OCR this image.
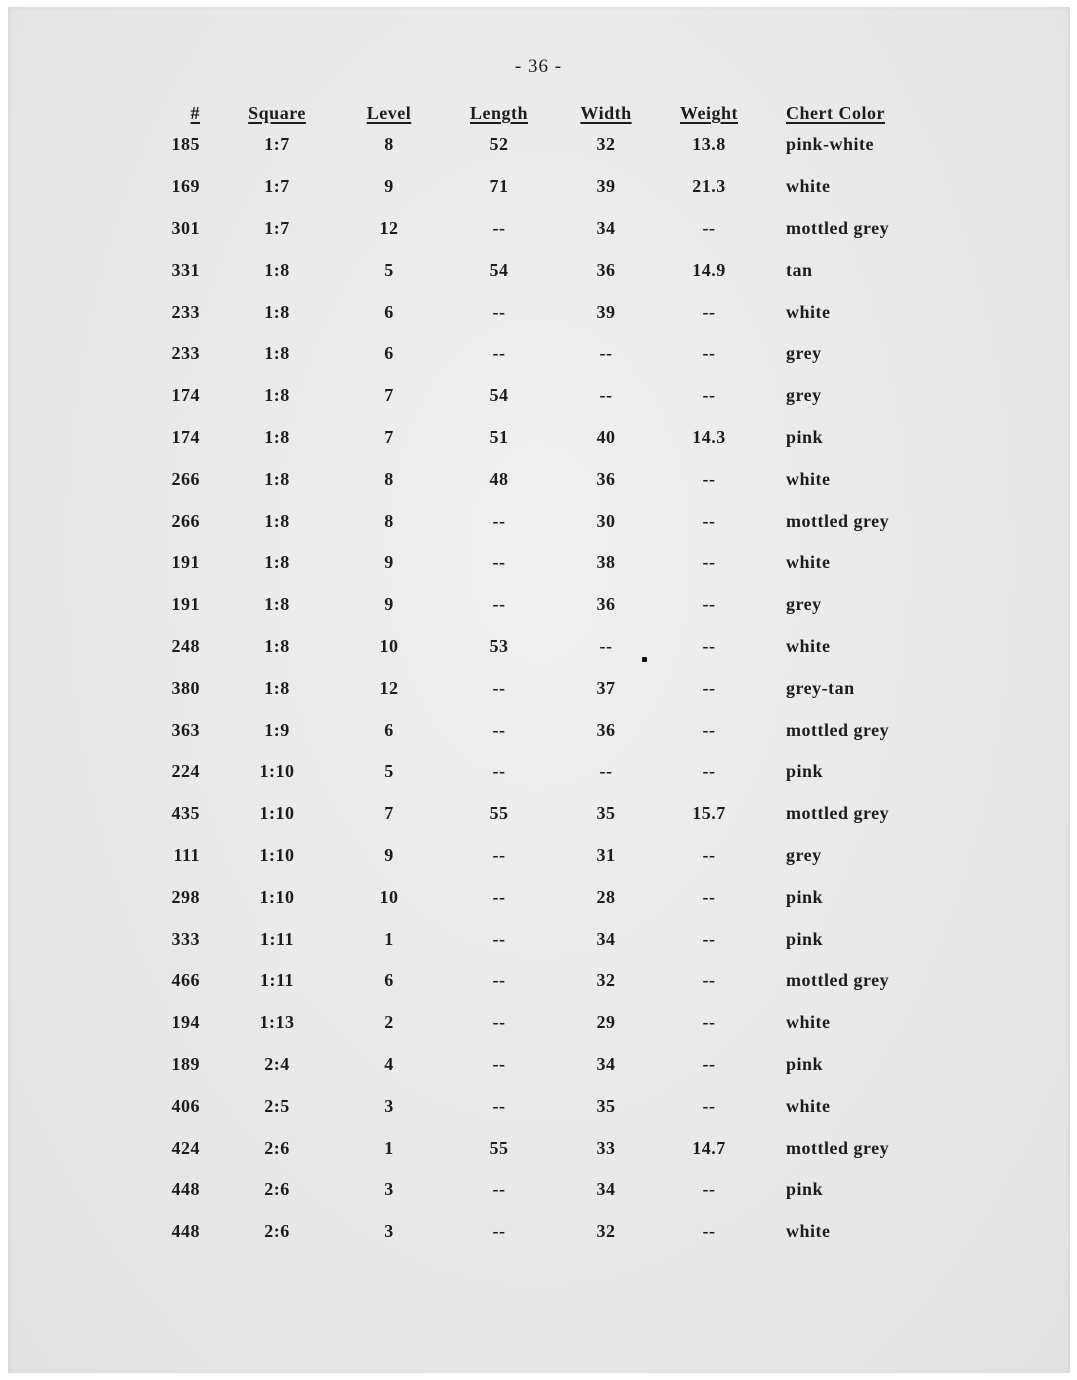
- 36 -
#	Square	Level	Length	Width	Weight	Chert Color
185	1:7	8	52	32	13.8	pink-white
169	1:7	9	71	39	21.3	white
301	1:7	12	--	34	--	mottled grey
331	1:8	5	54	36	14.9	tan
233	1:8	6	--	39	--	white
233	1:8	6	--	--	--	grey
174	1:8	7	54	--	--	grey
174	1:8	7	51	40	14.3	pink
266	1:8	8	48	36	--	white
266	1:8	8	--	30	--	mottled grey
191	1:8	9	--	38	--	white
191	1:8	9	--	36	--	grey
248	1:8	10	53	--	--	white
380	1:8	12	--	37	--	grey-tan
363	1:9	6	--	36	--	mottled grey
224	1:10	5	--	--	--	pink
435	1:10	7	55	35	15.7	mottled grey
111	1:10	9	--	31	--	grey
298	1:10	10	--	28	--	pink
333	1:11	1	--	34	--	pink
466	1:11	6	--	32	--	mottled grey
194	1:13	2	--	29	--	white
189	2:4	4	--	34	--	pink
406	2:5	3	--	35	--	white
424	2:6	1	55	33	14.7	mottled grey
448	2:6	3	--	34	--	pink
448	2:6	3	--	32	--	white
